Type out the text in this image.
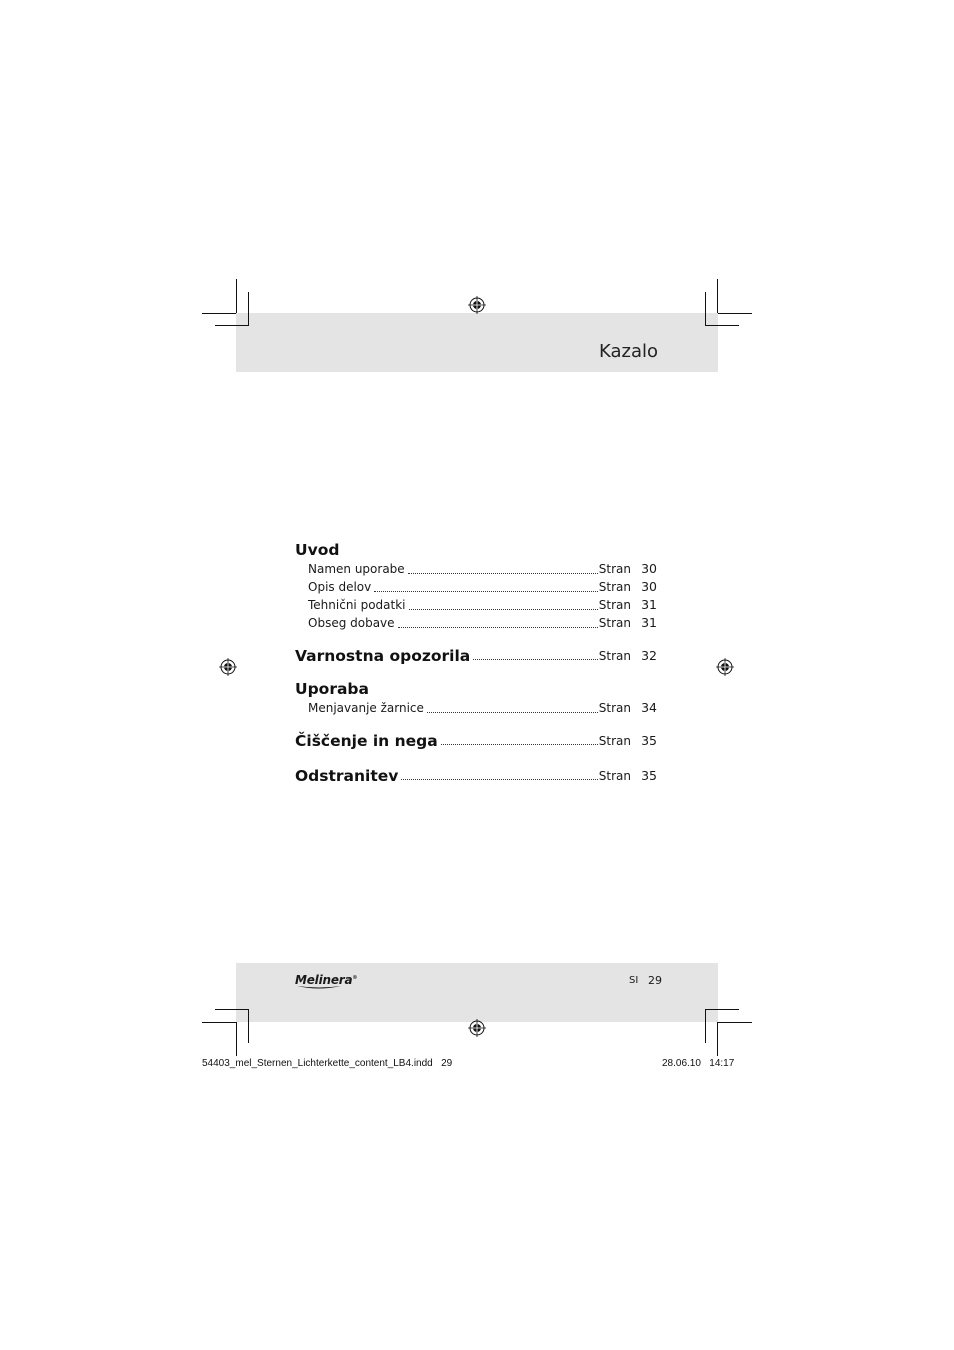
Kazalo
Uvod
Namen uporabe	Stran 30
Opis delov	Stran 30
Tehnični podatki	Stran 31
Obseg dobave	Stran 31
Varnostna opozorila	Stran 32
Uporaba
Menjavanje žarnice	Stran 34
Čiščenje in nega	Stran 35
Odstranitev	Stran 35
Melinera®	SI 29
54403_mel_Sternen_Lichterkette_content_LB4.indd   29	28.06.10   14:17
